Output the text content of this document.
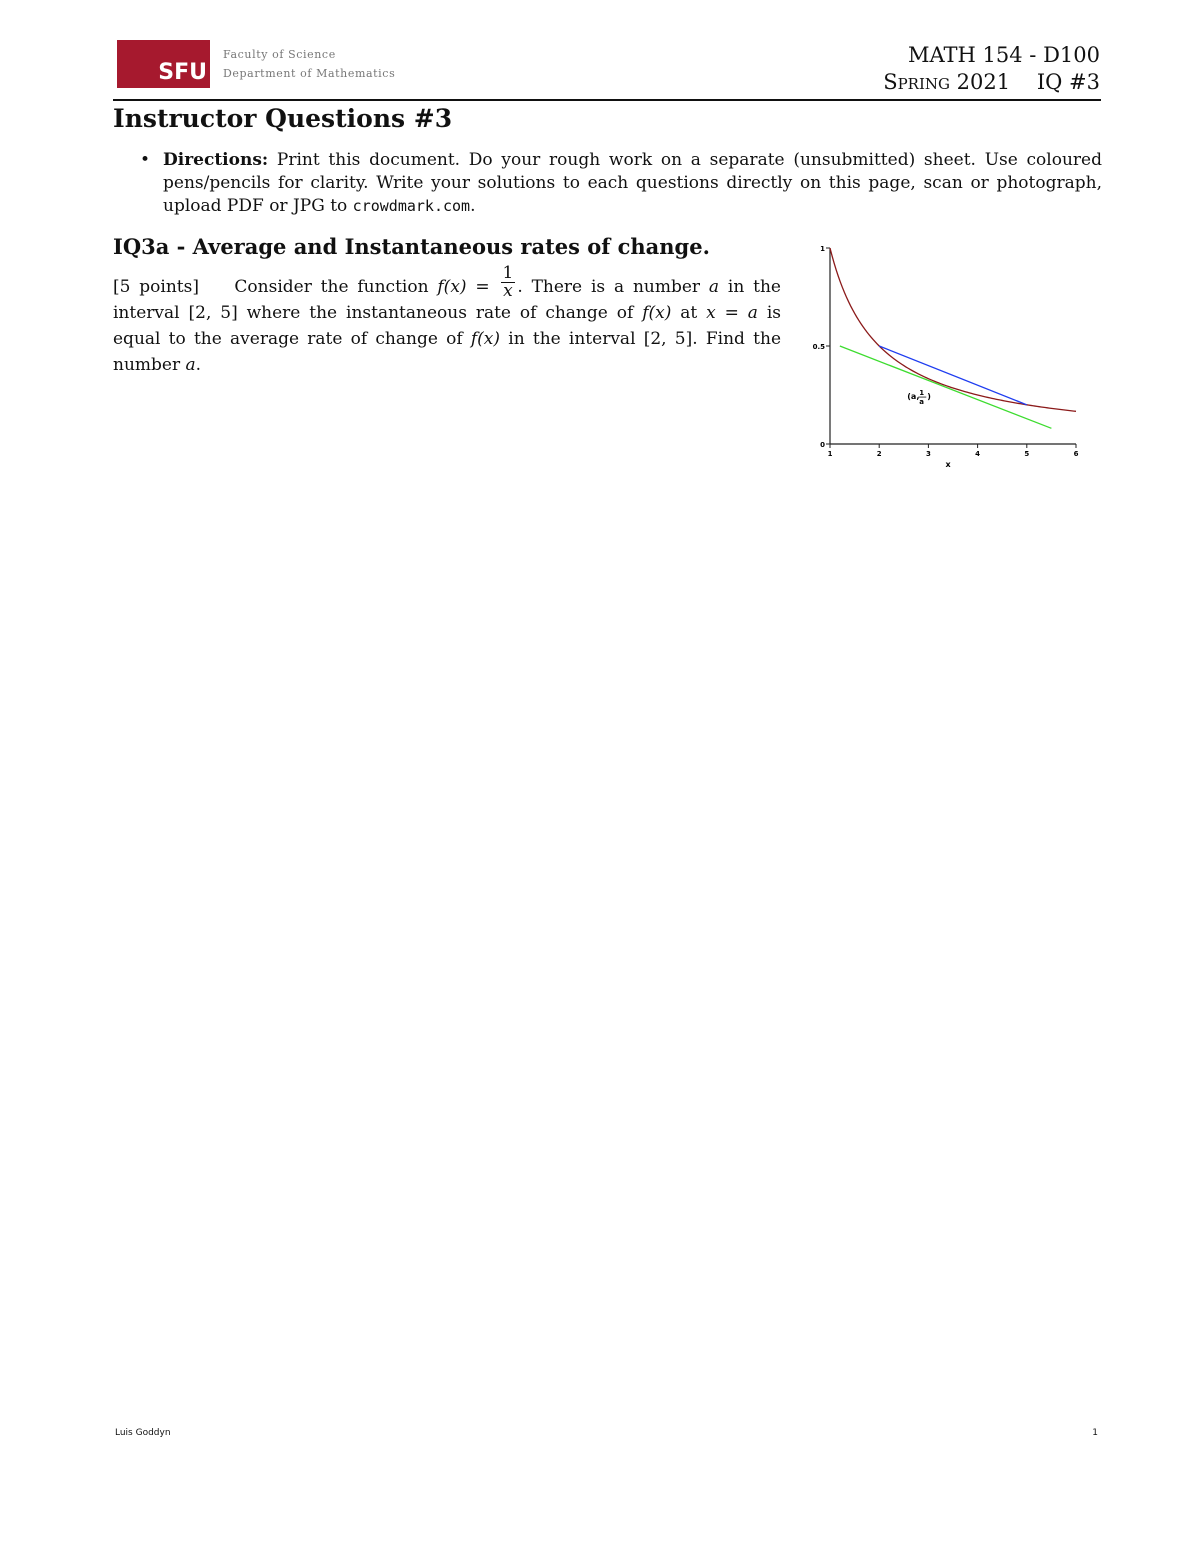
SFU
Faculty of Science
Department of Mathematics
MATH 154 - D100
Spring 2021 IQ #3
Instructor Questions #3
• Directions: Print this document. Do your rough work on a separate (unsubmitted) sheet. Use coloured pens/pencils for clarity. Write your solutions to each questions directly on this page, scan or photograph, upload PDF or JPG to crowdmark.com.
IQ3a - Average and Instantaneous rates of change.
[5 points] Consider the function $f(x) = \frac{1}{x}$ . There is a number a in the interval [2, 5] where the instantaneous rate of change of f(x) at x = a is equal to the average rate of change of f(x) in the interval [2, 5]. Find the number a.
1	2	3	4	5	6
0
0.5
1
(a, 1
a
)
x
Luis Goddyn	1
